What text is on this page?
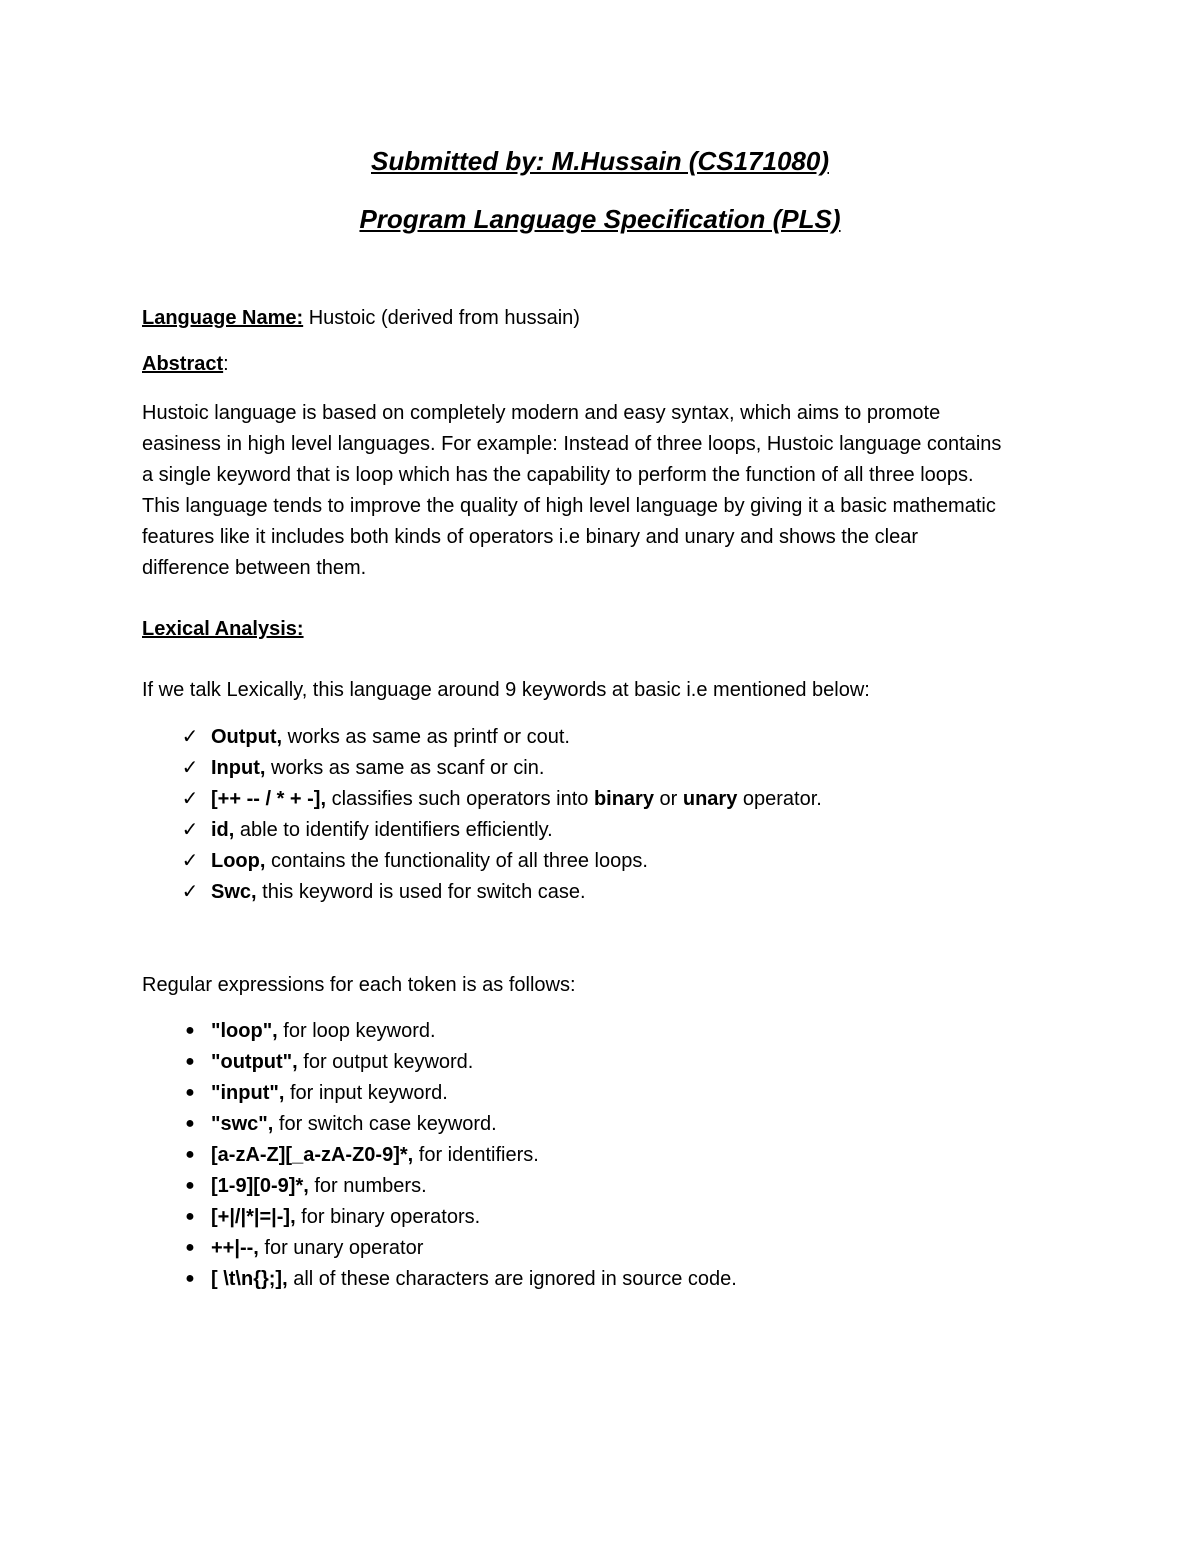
Submitted by: M.Hussain (CS171080)
Program Language Specification (PLS)

Language Name: Hustoic (derived from hussain)

Abstract:

Hustoic language is based on completely modern and easy syntax, which aims to promote
easiness in high level languages. For example: Instead of three loops, Hustoic language contains
a single keyword that is loop which has the capability to perform the function of all three loops.
This language tends to improve the quality of high level language by giving it a basic mathematic
features like it includes both kinds of operators i.e binary and unary and shows the clear
difference between them.

Lexical Analysis:

If we talk Lexically, this language around 9 keywords at basic i.e mentioned below:

✓ Output, works as same as printf or cout.
✓ Input, works as same as scanf or cin.
✓ [++ -- / * + -], classifies such operators into binary or unary operator.
✓ id, able to identify identifiers efficiently.
✓ Loop, contains the functionality of all three loops.
✓ Swc, this keyword is used for switch case.

Regular expressions for each token is as follows:

● "loop", for loop keyword.
● "output", for output keyword.
● "input", for input keyword.
● "swc", for switch case keyword.
● [a-zA-Z][_a-zA-Z0-9]*, for identifiers.
● [1-9][0-9]*, for numbers.
● [+|/|*|=|-], for binary operators.
● ++|--, for unary operator
● [ \t\n{};], all of these characters are ignored in source code.
